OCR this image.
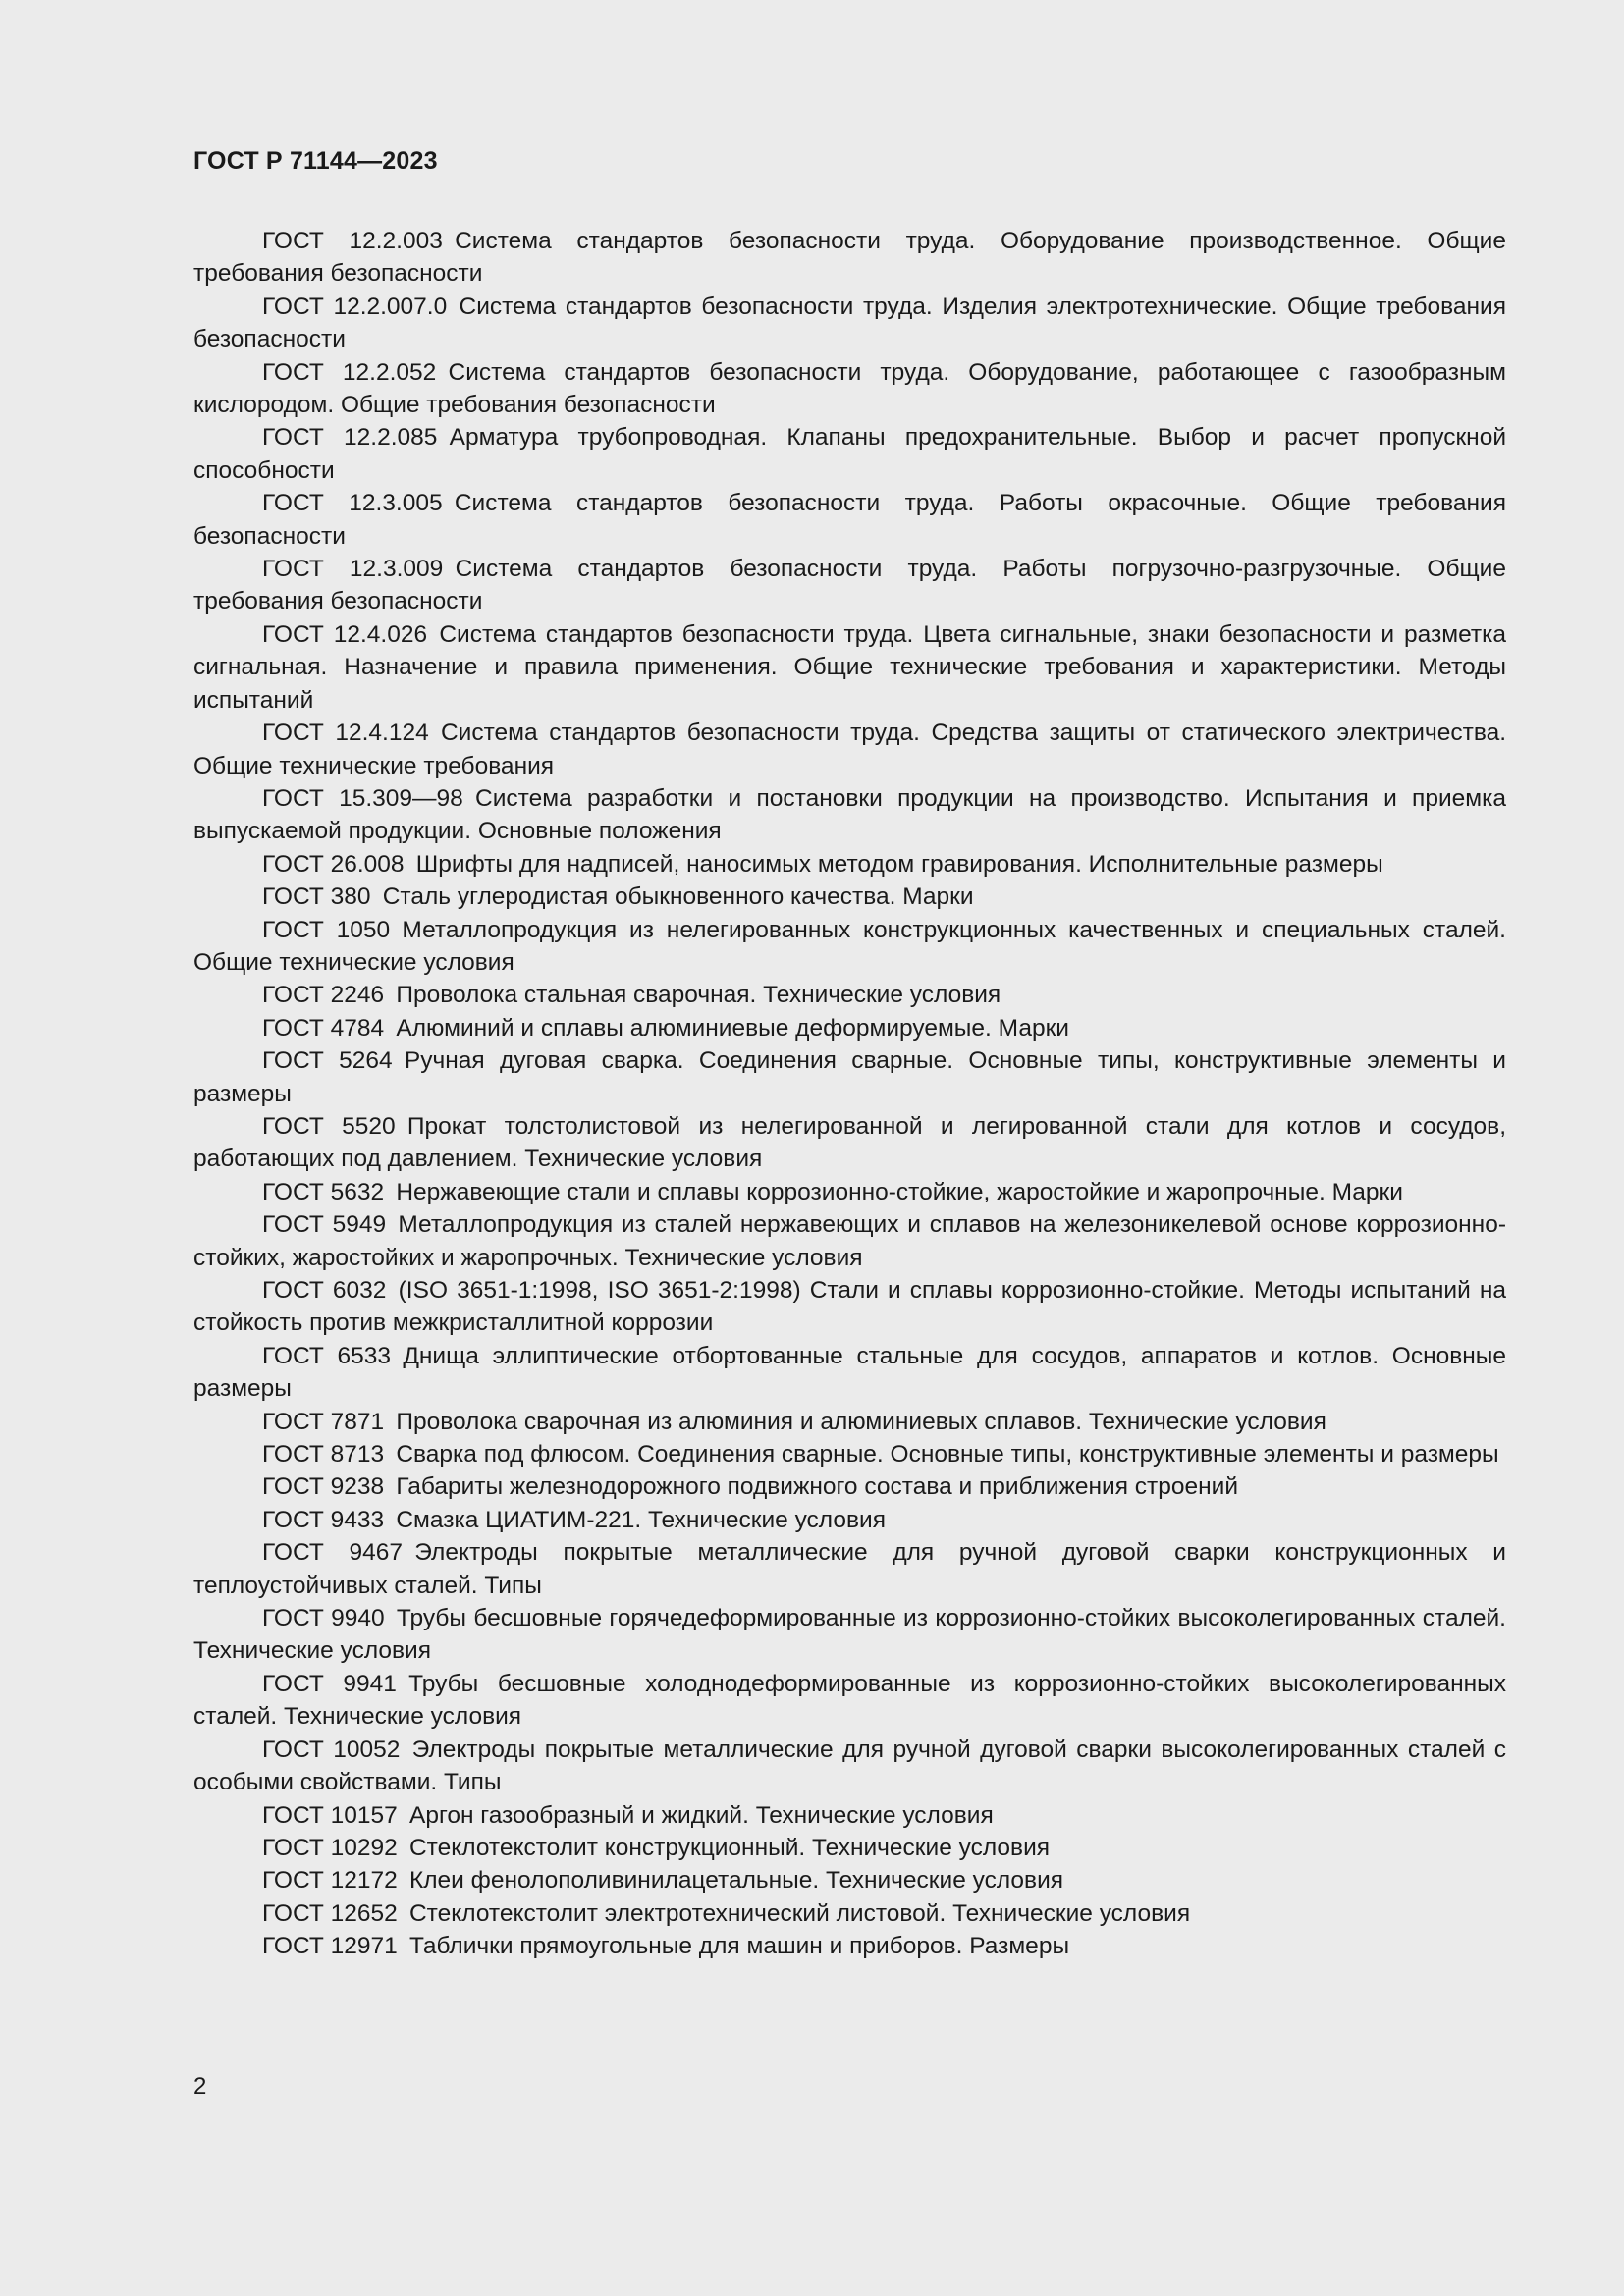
ГОСТ Р 71144—2023
ГОСТ 12.2.003  Система стандартов безопасности труда. Оборудование производственное. Общие требования безопасности
ГОСТ 12.2.007.0  Система стандартов безопасности труда. Изделия электротехнические. Общие требования безопасности
ГОСТ 12.2.052  Система стандартов безопасности труда. Оборудование, работающее с газообразным кислородом. Общие требования безопасности
ГОСТ 12.2.085  Арматура трубопроводная. Клапаны предохранительные. Выбор и расчет пропускной способности
ГОСТ 12.3.005  Система стандартов безопасности труда. Работы окрасочные. Общие требования безопасности
ГОСТ 12.3.009  Система стандартов безопасности труда. Работы погрузочно-разгрузочные. Общие требования безопасности
ГОСТ 12.4.026  Система стандартов безопасности труда. Цвета сигнальные, знаки безопасности и разметка сигнальная. Назначение и правила применения. Общие технические требования и характеристики. Методы испытаний
ГОСТ 12.4.124  Система стандартов безопасности труда. Средства защиты от статического электричества. Общие технические требования
ГОСТ 15.309—98  Система разработки и постановки продукции на производство. Испытания и приемка выпускаемой продукции. Основные положения
ГОСТ 26.008  Шрифты для надписей, наносимых методом гравирования. Исполнительные размеры
ГОСТ 380  Сталь углеродистая обыкновенного качества. Марки
ГОСТ 1050  Металлопродукция из нелегированных конструкционных качественных и специальных сталей. Общие технические условия
ГОСТ 2246  Проволока стальная сварочная. Технические условия
ГОСТ 4784  Алюминий и сплавы алюминиевые деформируемые. Марки
ГОСТ 5264  Ручная дуговая сварка. Соединения сварные. Основные типы, конструктивные элементы и размеры
ГОСТ 5520  Прокат толстолистовой из нелегированной и легированной стали для котлов и сосудов, работающих под давлением. Технические условия
ГОСТ 5632  Нержавеющие стали и сплавы коррозионно-стойкие, жаростойкие и жаропрочные. Марки
ГОСТ 5949  Металлопродукция из сталей нержавеющих и сплавов на железоникелевой основе коррозионно-стойких, жаростойких и жаропрочных. Технические условия
ГОСТ 6032  (ISO 3651-1:1998, ISO 3651-2:1998) Стали и сплавы коррозионно-стойкие. Методы испытаний на стойкость против межкристаллитной коррозии
ГОСТ 6533  Днища эллиптические отбортованные стальные для сосудов, аппаратов и котлов. Основные размеры
ГОСТ 7871  Проволока сварочная из алюминия и алюминиевых сплавов. Технические условия
ГОСТ 8713  Сварка под флюсом. Соединения сварные. Основные типы, конструктивные элементы и размеры
ГОСТ 9238  Габариты железнодорожного подвижного состава и приближения строений
ГОСТ 9433  Смазка ЦИАТИМ-221. Технические условия
ГОСТ 9467  Электроды покрытые металлические для ручной дуговой сварки конструкционных и теплоустойчивых сталей. Типы
ГОСТ 9940  Трубы бесшовные горячедеформированные из коррозионно-стойких высоколегированных сталей. Технические условия
ГОСТ 9941  Трубы бесшовные холоднодеформированные из коррозионно-стойких высоколегированных сталей. Технические условия
ГОСТ 10052  Электроды покрытые металлические для ручной дуговой сварки высоколегированных сталей с особыми свойствами. Типы
ГОСТ 10157  Аргон газообразный и жидкий. Технические условия
ГОСТ 10292  Стеклотекстолит конструкционный. Технические условия
ГОСТ 12172  Клеи фенолополивинилацетальные. Технические условия
ГОСТ 12652  Стеклотекстолит электротехнический листовой. Технические условия
ГОСТ 12971  Таблички прямоугольные для машин и приборов. Размеры
2
